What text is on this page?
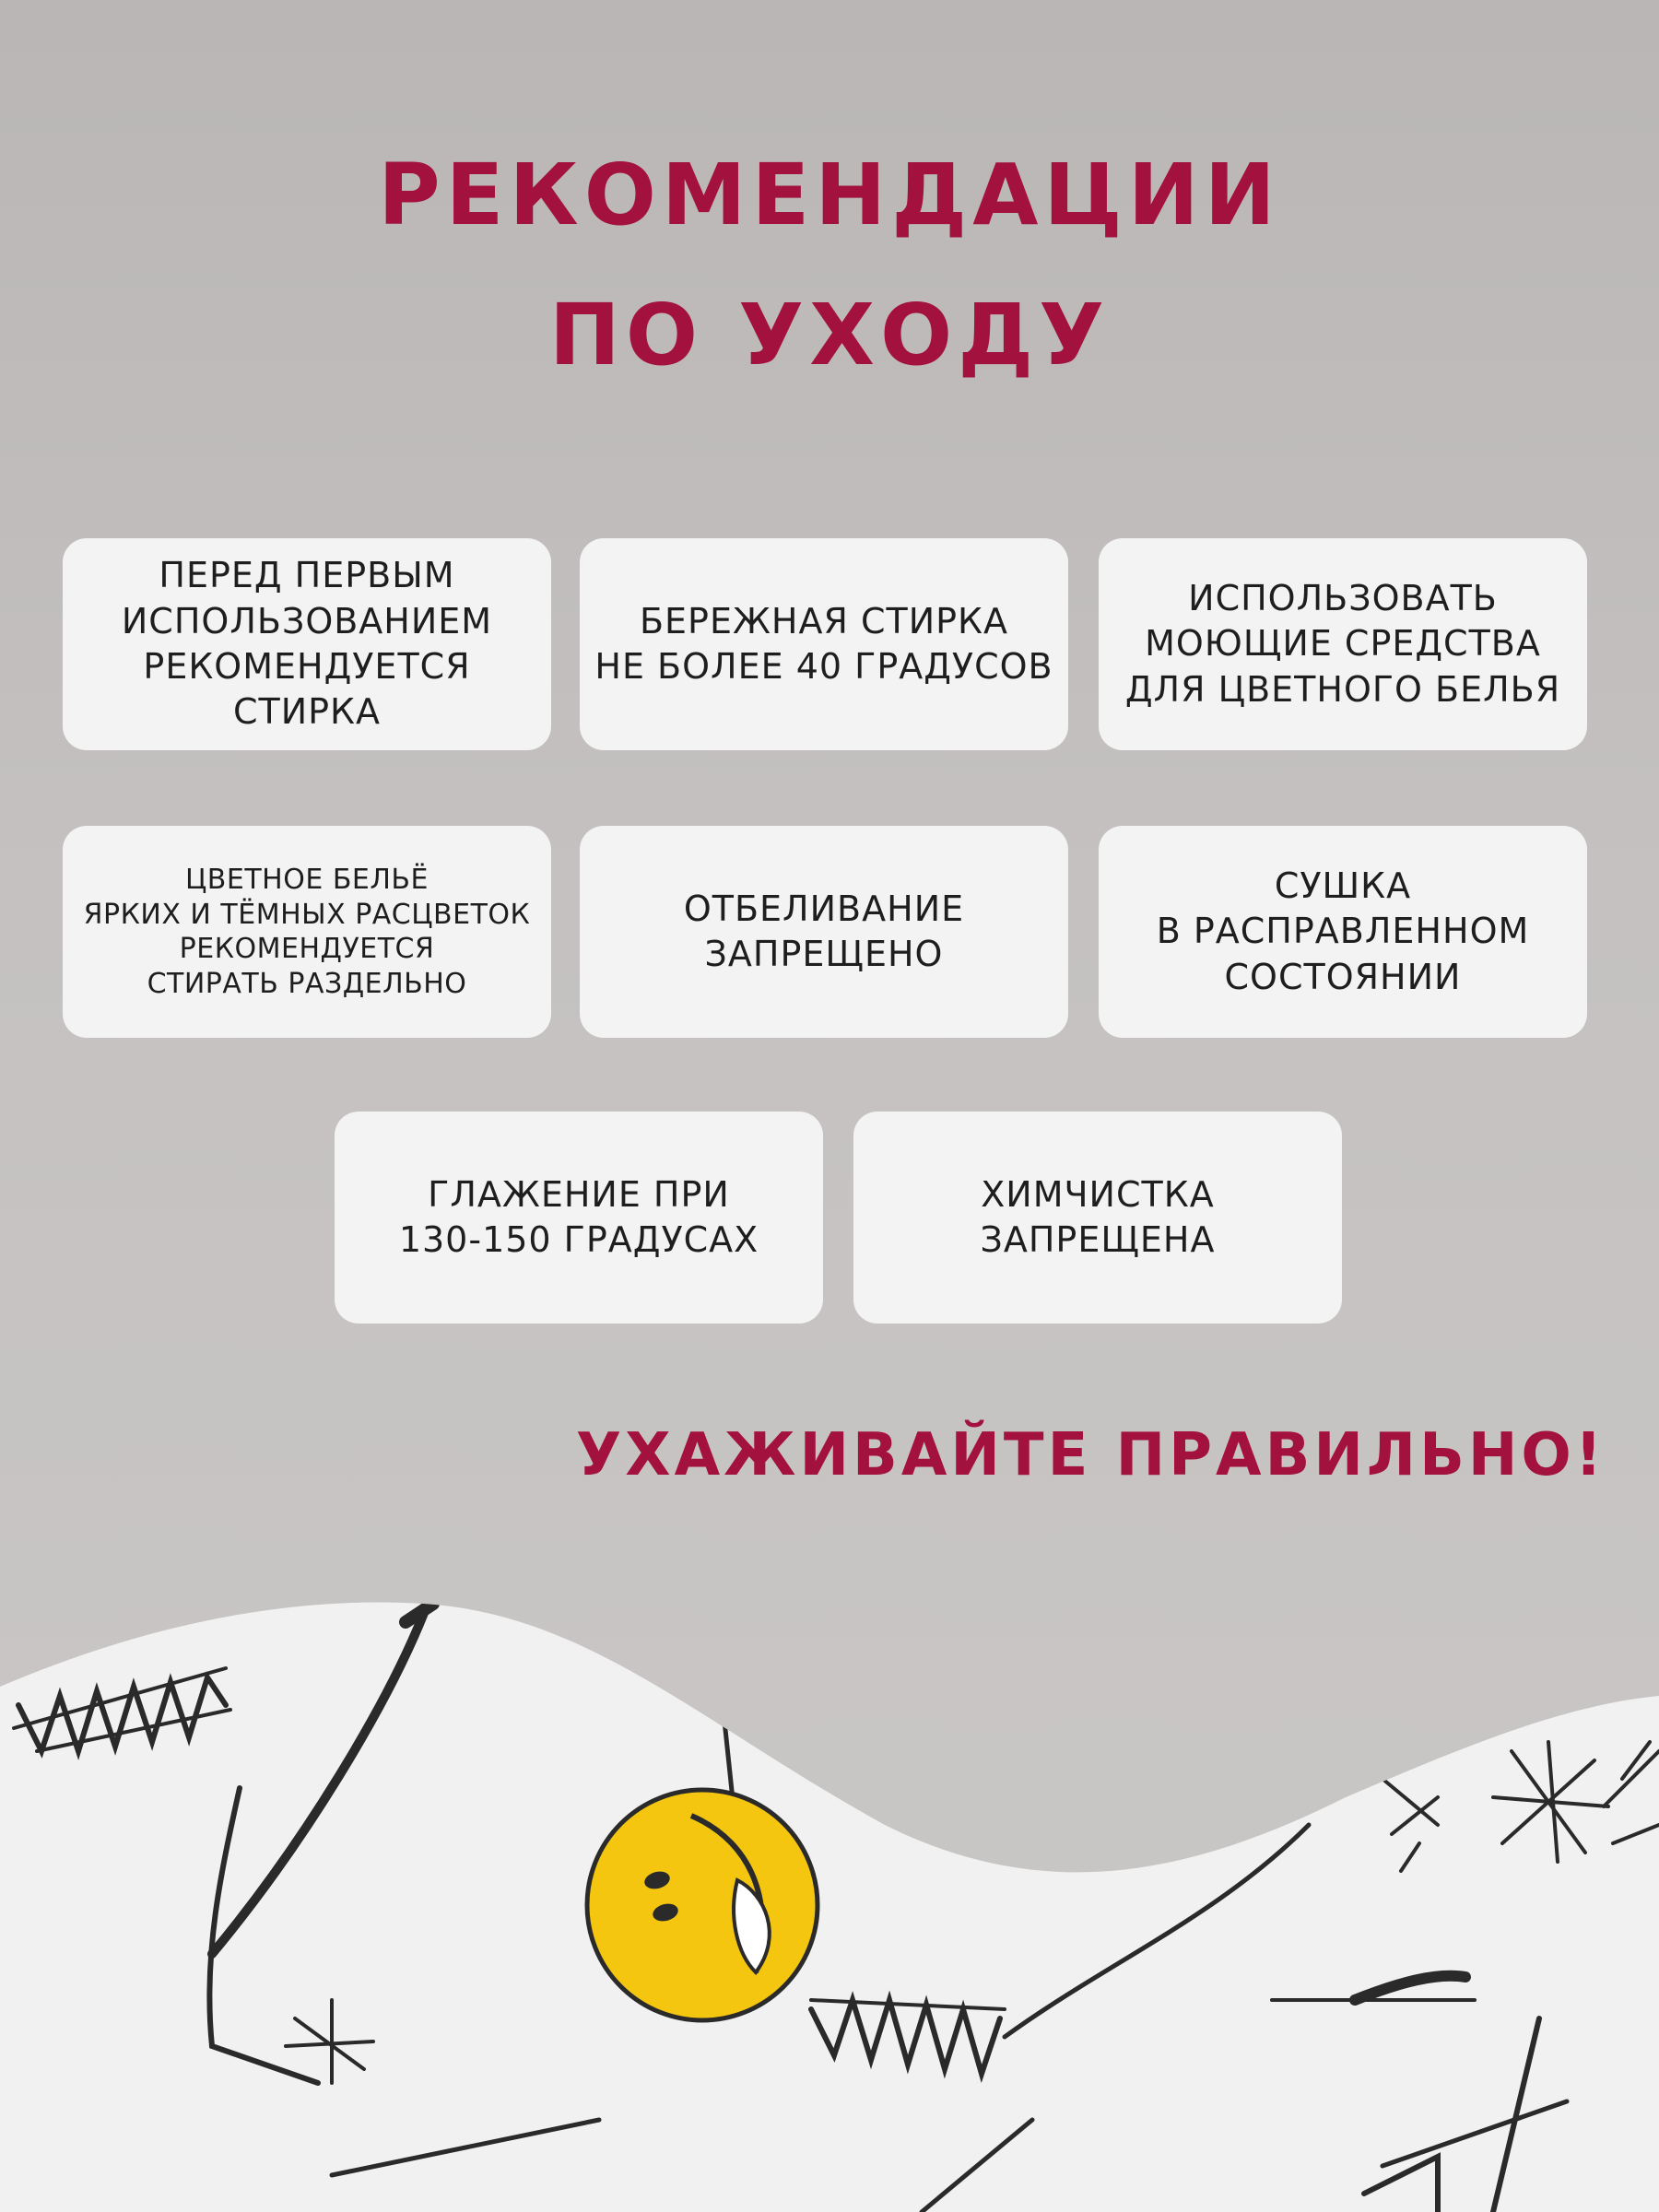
РЕКОМЕНДАЦИИ
ПО УХОДУ
ПЕРЕД ПЕРВЫМ
ИСПОЛЬЗОВАНИЕМ
РЕКОМЕНДУЕТСЯ СТИРКА
БЕРЕЖНАЯ СТИРКА
НЕ БОЛЕЕ 40 ГРАДУСОВ
ИСПОЛЬЗОВАТЬ
МОЮЩИЕ СРЕДСТВА
ДЛЯ ЦВЕТНОГО БЕЛЬЯ
ЦВЕТНОЕ БЕЛЬЁ
ЯРКИХ И ТЁМНЫХ РАСЦВЕТОК
РЕКОМЕНДУЕТСЯ
СТИРАТЬ РАЗДЕЛЬНО
ОТБЕЛИВАНИЕ
ЗАПРЕЩЕНО
СУШКА
В РАСПРАВЛЕННОМ
СОСТОЯНИИ
ГЛАЖЕНИЕ ПРИ
130-150 ГРАДУСАХ
ХИМЧИСТКА
ЗАПРЕЩЕНА

УХАЖИВАЙТЕ ПРАВИЛЬНО!
